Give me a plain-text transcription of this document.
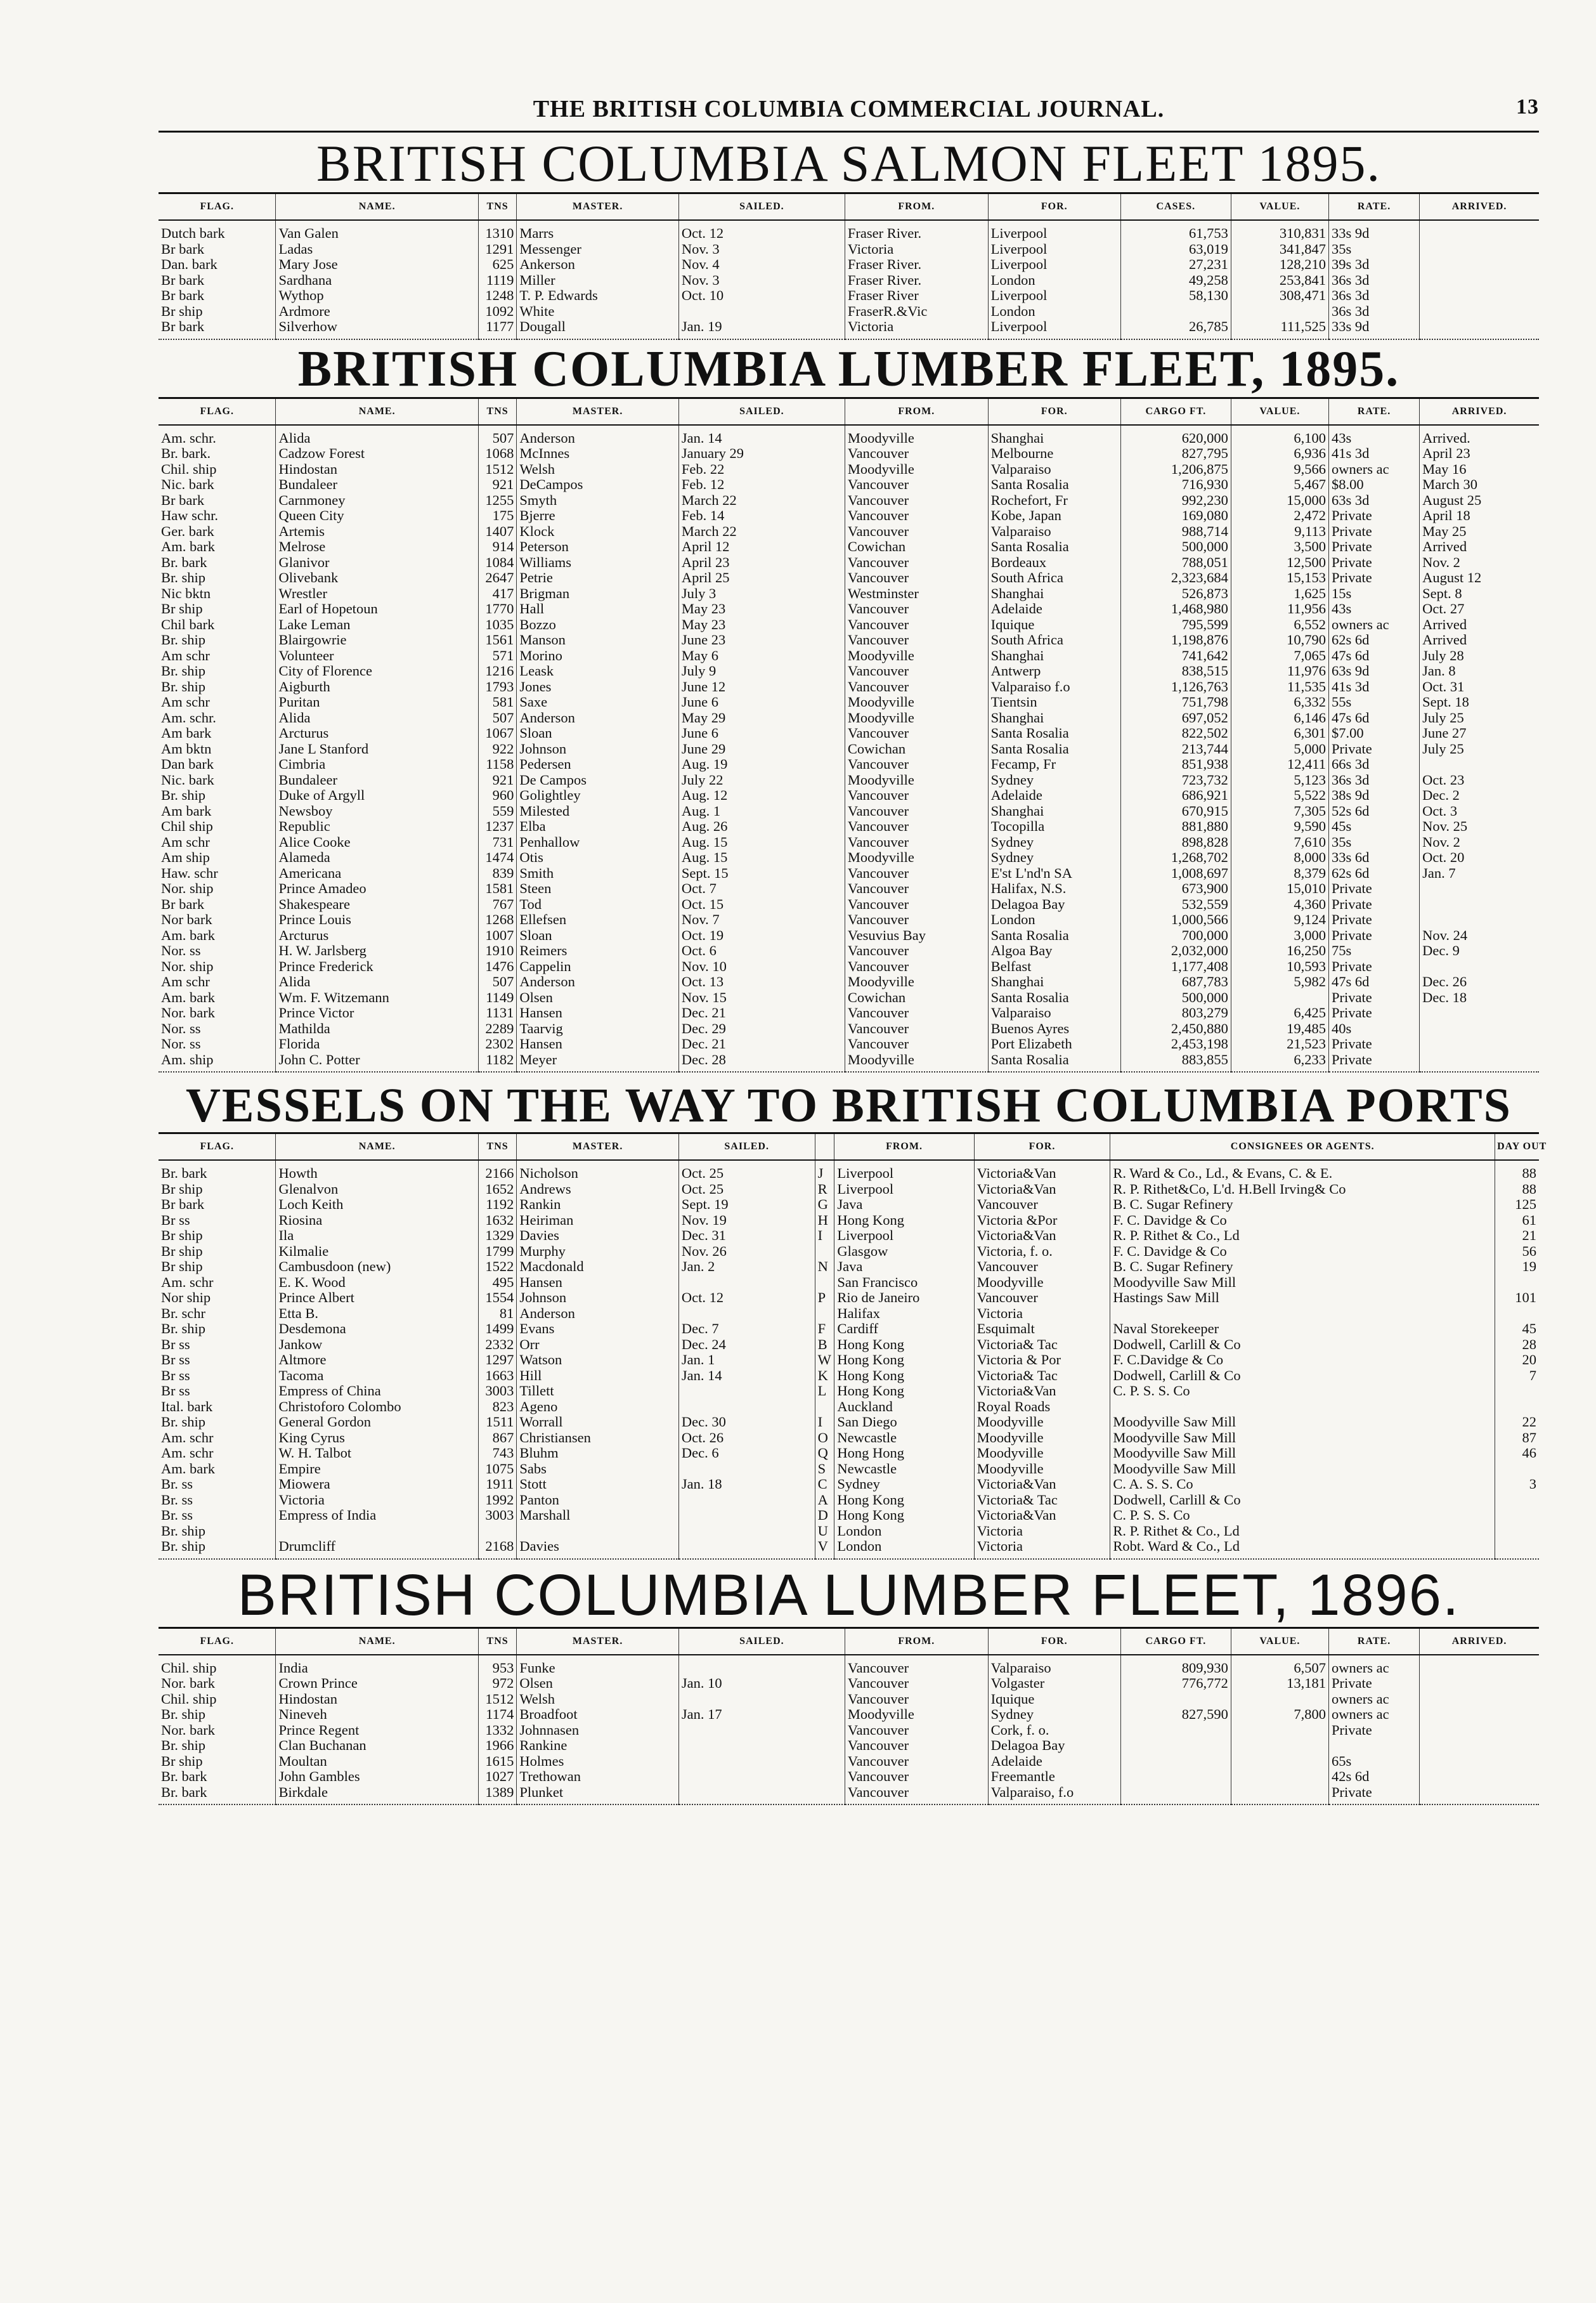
THE BRITISH COLUMBIA COMMERCIAL JOURNAL.	13
BRITISH COLUMBIA SALMON FLEET 1895.
FLAG.	NAME.	TNS	MASTER.	SAILED.	FROM.	FOR.	CASES.	VALUE.	RATE.	ARRIVED.
Dutch bark	Van Galen	1310	Marrs	Oct. 12	Fraser River.	Liverpool	61,753	310,831	33s 9d	
Br bark	Ladas	1291	Messenger	Nov. 3	Victoria	Liverpool	63,019	341,847	35s	
Dan. bark	Mary Jose	625	Ankerson	Nov. 4	Fraser River.	Liverpool	27,231	128,210	39s 3d	
Br bark	Sardhana	1119	Miller	Nov. 3	Fraser River.	London	49,258	253,841	36s 3d	
Br bark	Wythop	1248	T. P. Edwards	Oct. 10	Fraser River	Liverpool	58,130	308,471	36s 3d	
Br ship	Ardmore	1092	White		FraserR.&Vic	London			36s 3d	
Br bark	Silverhow	1177	Dougall	Jan. 19	Victoria	Liverpool	26,785	111,525	33s 9d	
BRITISH COLUMBIA LUMBER FLEET, 1895.
FLAG.	NAME.	TNS	MASTER.	SAILED.	FROM.	FOR.	CARGO FT.	VALUE.	RATE.	ARRIVED.
Am. schr.	Alida	507	Anderson	Jan. 14	Moodyville	Shanghai	620,000	6,100	43s	Arrived.
Br. bark.	Cadzow Forest	1068	McInnes	January 29	Vancouver	Melbourne	827,795	6,936	41s 3d	April 23
Chil. ship	Hindostan	1512	Welsh	Feb. 22	Moodyville	Valparaiso	1,206,875	9,566	owners ac	May 16
Nic. bark	Bundaleer	921	DeCampos	Feb. 12	Vancouver	Santa Rosalia	716,930	5,467	$8.00	March 30
Br bark	Carnmoney	1255	Smyth	March 22	Vancouver	Rochefort, Fr	992,230	15,000	63s 3d	August 25
Haw schr.	Queen City	175	Bjerre	Feb. 14	Vancouver	Kobe, Japan	169,080	2,472	Private	April 18
Ger. bark	Artemis	1407	Klock	March 22	Vancouver	Valparaiso	988,714	9,113	Private	May 25
Am. bark	Melrose	914	Peterson	April 12	Cowichan	Santa Rosalia	500,000	3,500	Private	Arrived
Br. bark	Glanivor	1084	Williams	April 23	Vancouver	Bordeaux	788,051	12,500	Private	Nov. 2
Br. ship	Olivebank	2647	Petrie	April 25	Vancouver	South Africa	2,323,684	15,153	Private	August 12
Nic bktn	Wrestler	417	Brigman	July 3	Westminster	Shanghai	526,873	1,625	15s	Sept. 8
Br ship	Earl of Hopetoun	1770	Hall	May 23	Vancouver	Adelaide	1,468,980	11,956	43s	Oct. 27
Chil bark	Lake Leman	1035	Bozzo	May 23	Vancouver	Iquique	795,599	6,552	owners ac	Arrived
Br. ship	Blairgowrie	1561	Manson	June 23	Vancouver	South Africa	1,198,876	10,790	62s 6d	Arrived
Am schr	Volunteer	571	Morino	May 6	Moodyville	Shanghai	741,642	7,065	47s 6d	July 28
Br. ship	City of Florence	1216	Leask	July 9	Vancouver	Antwerp	838,515	11,976	63s 9d	Jan. 8
Br. ship	Aigburth	1793	Jones	June 12	Vancouver	Valparaiso f.o	1,126,763	11,535	41s 3d	Oct. 31
Am schr	Puritan	581	Saxe	June 6	Moodyville	Tientsin	751,798	6,332	55s	Sept. 18
Am. schr.	Alida	507	Anderson	May 29	Moodyville	Shanghai	697,052	6,146	47s 6d	July 25
Am bark	Arcturus	1067	Sloan	June 6	Vancouver	Santa Rosalia	822,502	6,301	$7.00	June 27
Am bktn	Jane L Stanford	922	Johnson	June 29	Cowichan	Santa Rosalia	213,744	5,000	Private	July 25
Dan bark	Cimbria	1158	Pedersen	Aug. 19	Vancouver	Fecamp, Fr	851,938	12,411	66s 3d	
Nic. bark	Bundaleer	921	De Campos	July 22	Moodyville	Sydney	723,732	5,123	36s 3d	Oct. 23
Br. ship	Duke of Argyll	960	Golightley	Aug. 12	Vancouver	Adelaide	686,921	5,522	38s 9d	Dec. 2
Am bark	Newsboy	559	Milested	Aug. 1	Vancouver	Shanghai	670,915	7,305	52s 6d	Oct. 3
Chil ship	Republic	1237	Elba	Aug. 26	Vancouver	Tocopilla	881,880	9,590	45s	Nov. 25
Am schr	Alice Cooke	731	Penhallow	Aug. 15	Vancouver	Sydney	898,828	7,610	35s	Nov. 2
Am ship	Alameda	1474	Otis	Aug. 15	Moodyville	Sydney	1,268,702	8,000	33s 6d	Oct. 20
Haw. schr	Americana	839	Smith	Sept. 15	Vancouver	E'st L'nd'n SA	1,008,697	8,379	62s 6d	Jan. 7
Nor. ship	Prince Amadeo	1581	Steen	Oct. 7	Vancouver	Halifax, N.S.	673,900	15,010	Private	
Br bark	Shakespeare	767	Tod	Oct. 15	Vancouver	Delagoa Bay	532,559	4,360	Private	
Nor bark	Prince Louis	1268	Ellefsen	Nov. 7	Vancouver	London	1,000,566	9,124	Private	
Am. bark	Arcturus	1007	Sloan	Oct. 19	Vesuvius Bay	Santa Rosalia	700,000	3,000	Private	Nov. 24
Nor. ss	H. W. Jarlsberg	1910	Reimers	Oct. 6	Vancouver	Algoa Bay	2,032,000	16,250	75s	Dec. 9
Nor. ship	Prince Frederick	1476	Cappelin	Nov. 10	Vancouver	Belfast	1,177,408	10,593	Private	
Am schr	Alida	507	Anderson	Oct. 13	Moodyville	Shanghai	687,783	5,982	47s 6d	Dec. 26
Am. bark	Wm. F. Witzemann	1149	Olsen	Nov. 15	Cowichan	Santa Rosalia	500,000		Private	Dec. 18
Nor. bark	Prince Victor	1131	Hansen	Dec. 21	Vancouver	Valparaiso	803,279	6,425	Private	
Nor. ss	Mathilda	2289	Taarvig	Dec. 29	Vancouver	Buenos Ayres	2,450,880	19,485	40s	
Nor. ss	Florida	2302	Hansen	Dec. 21	Vancouver	Port Elizabeth	2,453,198	21,523	Private	
Am. ship	John C. Potter	1182	Meyer	Dec. 28	Moodyville	Santa Rosalia	883,855	6,233	Private	
VESSELS ON THE WAY TO BRITISH COLUMBIA PORTS
FLAG.	NAME.	TNS	MASTER.	SAILED.		FROM.	FOR.	CONSIGNEES OR AGENTS.	DAY OUT
Br. bark	Howth	2166	Nicholson	Oct. 25	J	Liverpool	Victoria&Van	R. Ward & Co., Ld., & Evans, C. & E.	88
Br ship	Glenalvon	1652	Andrews	Oct. 25	R	Liverpool	Victoria&Van	R. P. Rithet&Co, L'd. H.Bell Irving& Co	88
Br bark	Loch Keith	1192	Rankin	Sept. 19	G	Java	Vancouver	B. C. Sugar Refinery	125
Br ss	Riosina	1632	Heiriman	Nov. 19	H	Hong Kong	Victoria &Por	F. C. Davidge & Co	61
Br ship	Ila	1329	Davies	Dec. 31	I	Liverpool	Victoria&Van	R. P. Rithet & Co., Ld	21
Br ship	Kilmalie	1799	Murphy	Nov. 26		Glasgow	Victoria, f. o.	F. C. Davidge & Co	56
Br ship	Cambusdoon (new)	1522	Macdonald	Jan. 2	N	Java	Vancouver	B. C. Sugar Refinery	19
Am. schr	E. K. Wood	495	Hansen			San Francisco	Moodyville	Moodyville Saw Mill	
Nor ship	Prince Albert	1554	Johnson	Oct. 12	P	Rio de Janeiro	Vancouver	Hastings Saw Mill	101
Br. schr	Etta B.	81	Anderson			Halifax	Victoria		
Br. ship	Desdemona	1499	Evans	Dec. 7	F	Cardiff	Esquimalt	Naval Storekeeper	45
Br ss	Jankow	2332	Orr	Dec. 24	B	Hong Kong	Victoria& Tac	Dodwell, Carlill & Co	28
Br ss	Altmore	1297	Watson	Jan. 1	W	Hong Kong	Victoria & Por	F. C.Davidge & Co	20
Br ss	Tacoma	1663	Hill	Jan. 14	K	Hong Kong	Victoria& Tac	Dodwell, Carlill & Co	7
Br ss	Empress of China	3003	Tillett		L	Hong Kong	Victoria&Van	C. P. S. S. Co	
Ital. bark	Christoforo Colombo	823	Ageno			Auckland	Royal Roads		
Br. ship	General Gordon	1511	Worrall	Dec. 30	I	San Diego	Moodyville	Moodyville Saw Mill	22
Am. schr	King Cyrus	867	Christiansen	Oct. 26	O	Newcastle	Moodyville	Moodyville Saw Mill	87
Am. schr	W. H. Talbot	743	Bluhm	Dec. 6	Q	Hong Hong	Moodyville	Moodyville Saw Mill	46
Am. bark	Empire	1075	Sabs		S	Newcastle	Moodyville	Moodyville Saw Mill	
Br. ss	Miowera	1911	Stott	Jan. 18	C	Sydney	Victoria&Van	C. A. S. S. Co	3
Br. ss	Victoria	1992	Panton		A	Hong Kong	Victoria& Tac	Dodwell, Carlill & Co	
Br. ss	Empress of India	3003	Marshall		D	Hong Kong	Victoria&Van	C. P. S. S. Co	
Br. ship					U	London	Victoria	R. P. Rithet & Co., Ld	
Br. ship	Drumcliff	2168	Davies		V	London	Victoria	Robt. Ward & Co., Ld	
BRITISH COLUMBIA LUMBER FLEET, 1896.
FLAG.	NAME.	TNS	MASTER.	SAILED.	FROM.	FOR.	CARGO FT.	VALUE.	RATE.	ARRIVED.
Chil. ship	India	953	Funke		Vancouver	Valparaiso	809,930	6,507	owners ac	
Nor. bark	Crown Prince	972	Olsen	Jan. 10	Vancouver	Volgaster	776,772	13,181	Private	
Chil. ship	Hindostan	1512	Welsh		Vancouver	Iquique			owners ac	
Br. ship	Nineveh	1174	Broadfoot	Jan. 17	Moodyville	Sydney	827,590	7,800	owners ac	
Nor. bark	Prince Regent	1332	Johnnasen		Vancouver	Cork, f. o.			Private	
Br. ship	Clan Buchanan	1966	Rankine		Vancouver	Delagoa Bay				
Br ship	Moultan	1615	Holmes		Vancouver	Adelaide			65s	
Br. bark	John Gambles	1027	Trethowan		Vancouver	Freemantle			42s 6d	
Br. bark	Birkdale	1389	Plunket		Vancouver	Valparaiso, f.o			Private	
